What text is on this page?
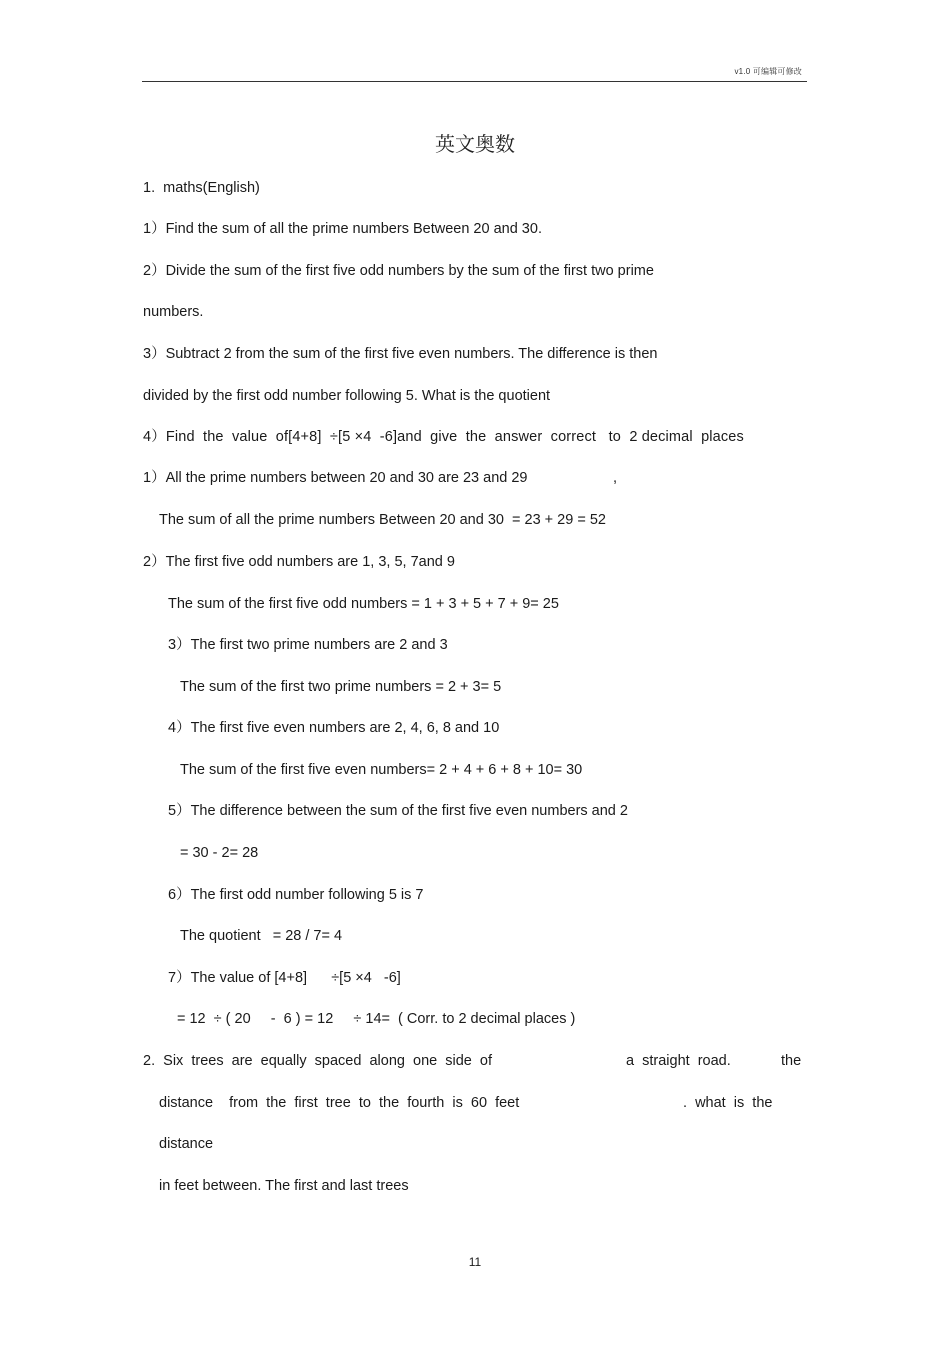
v1.0 可编辑可修改
英文奥数
1.  maths(English)
1）Find the sum of all the prime numbers Between 20 and 30.
2）Divide the sum of the first five odd numbers by the sum of the first two prime
numbers.
3）Subtract 2 from the sum of the first five even numbers. The difference is then
divided by the first odd number following 5. What is the quotient
4）Find  the  value  of[4+8]  ÷[5 ×4  -6]and  give  the  answer  correct   to  2 decimal  places
1）All the prime numbers between 20 and 30 are 23 and 29	,
The sum of all the prime numbers Between 20 and 30  = 23 + 29 = 52
2）The first five odd numbers are 1, 3, 5, 7and 9
The sum of the first five odd numbers = 1 + 3 + 5 + 7 + 9= 25
3）The first two prime numbers are 2 and 3
The sum of the first two prime numbers = 2 + 3= 5
4）The first five even numbers are 2, 4, 6, 8 and 10
The sum of the first five even numbers= 2 + 4 + 6 + 8 + 10= 30
5）The difference between the sum of the first five even numbers and 2
= 30 - 2= 28
6）The first odd number following 5 is 7
The quotient   = 28 / 7= 4
7）The value of [4+8]      ÷[5 ×4   -6]
= 12  ÷ ( 20     -  6 ) = 12     ÷ 14=  ( Corr. to 2 decimal places )
2.  Six  trees  are  equally  spaced  along  one  side  of	a  straight  road.	the
distance    from  the  first  tree  to  the  fourth  is  60  feet	.  what  is  the
distance
in feet between. The first and last trees
11
